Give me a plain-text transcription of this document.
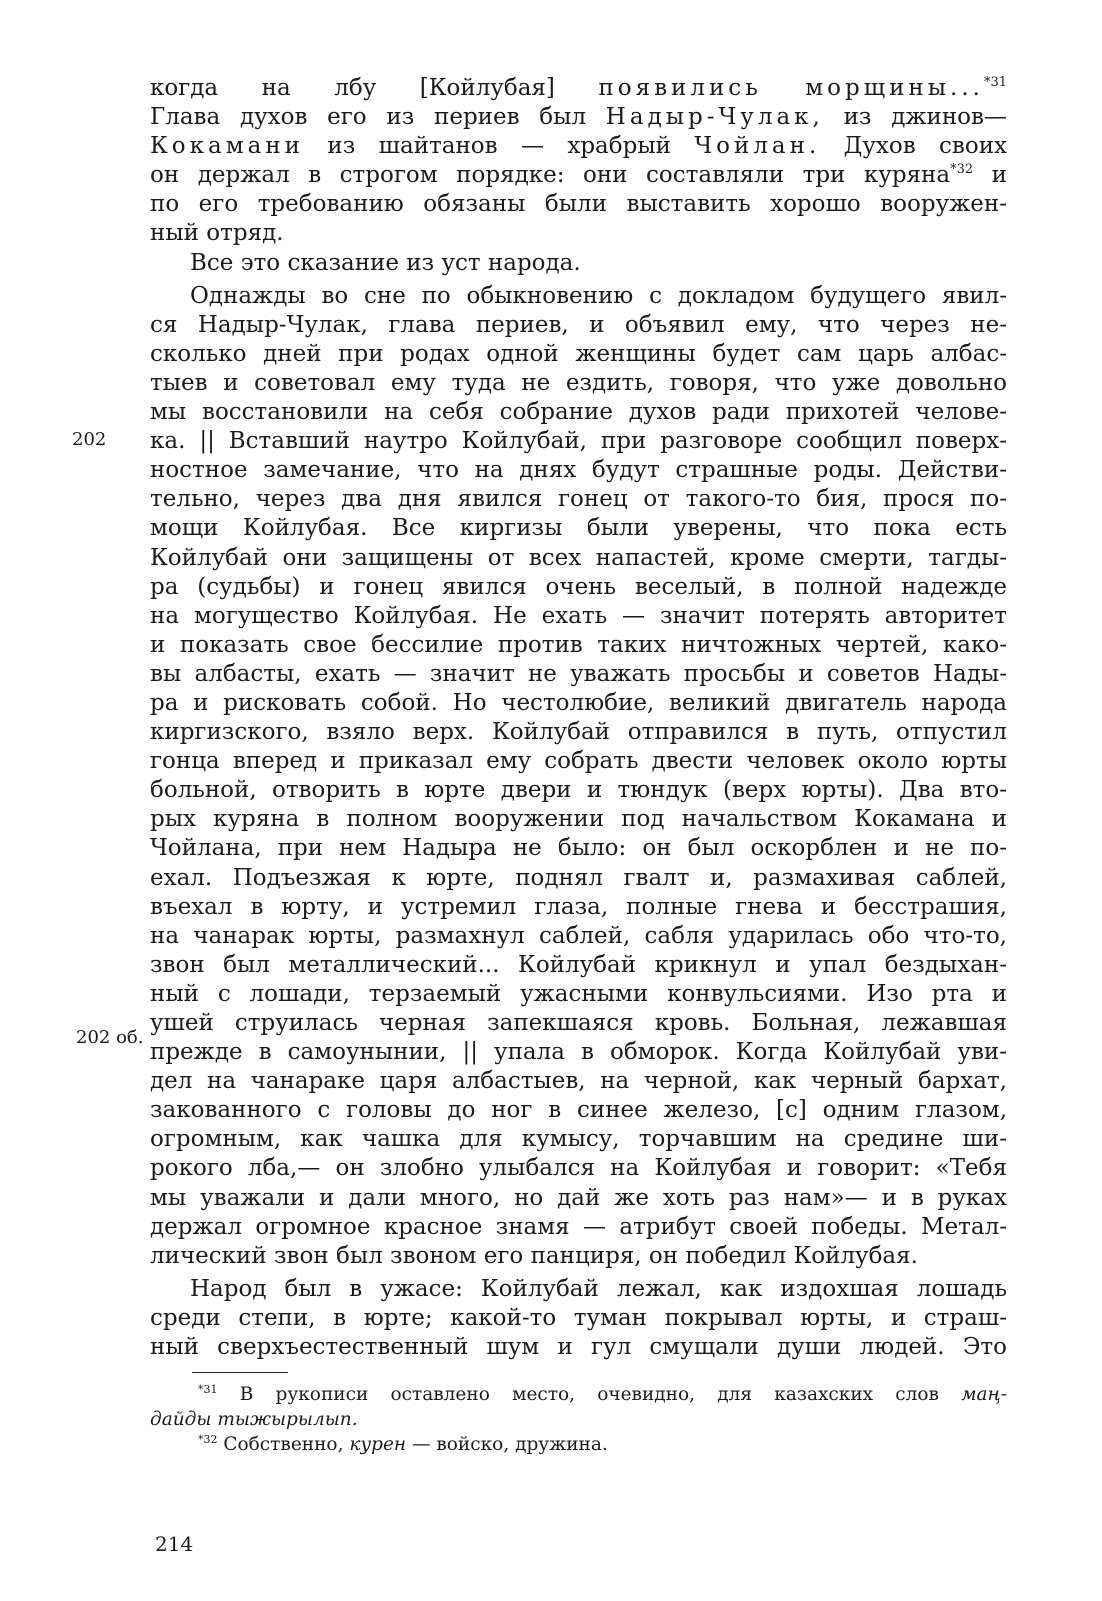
когда на лбу [Койлубая] появились морщины...$^{*31}$
Глава духов его из периев был Надыр-Чулак, из джинов—
Кокамани из шайтанов — храбрый Чойлан. Духов своих
он держал в строгом порядке: они составляли три куряна$^{*32}$ и
по его требованию обязаны были выставить хорошо вооружен-
ный отряд.
Все это сказание из уст народа.
Однажды во сне по обыкновению с докладом будущего явил-
ся Надыр-Чулак, глава периев, и объявил ему, что через не-
сколько дней при родах одной женщины будет сам царь албас-
тыев и советовал ему туда не ездить, говоря, что уже довольно
мы восстановили на себя собрание духов ради прихотей челове-
ка. || Вставший наутро Койлубай, при разговоре сообщил поверх-
ностное замечание, что на днях будут страшные роды. Действи-
тельно, через два дня явился гонец от такого-то бия, прося по-
мощи Койлубая. Все киргизы были уверены, что пока есть
Койлубай они защищены от всех напастей, кроме смерти, тагды-
ра (судьбы) и гонец явился очень веселый, в полной надежде
на могущество Койлубая. Не ехать — значит потерять авторитет
и показать свое бессилие против таких ничтожных чертей, како-
вы албасты, ехать — значит не уважать просьбы и советов Нады-
ра и рисковать собой. Но честолюбие, великий двигатель народа
киргизского, взяло верх. Койлубай отправился в путь, отпустил
гонца вперед и приказал ему собрать двести человек около юрты
больной, отворить в юрте двери и тюндук (верх юрты). Два вто-
рых куряна в полном вооружении под начальством Кокамана и
Чойлана, при нем Надыра не было: он был оскорблен и не по-
ехал. Подъезжая к юрте, поднял гвалт и, размахивая саблей,
въехал в юрту, и устремил глаза, полные гнева и бесстрашия,
на чанарак юрты, размахнул саблей, сабля ударилась обо что-то,
звон был металлический... Койлубай крикнул и упал бездыхан-
ный с лошади, терзаемый ужасными конвульсиями. Изо рта и
ушей струилась черная запекшаяся кровь. Больная, лежавшая
прежде в самоунынии, || упала в обморок. Когда Койлубай уви-
дел на чанараке царя албастыев, на черной, как черный бархат,
закованного с головы до ног в синее железо, [с] одним глазом,
огромным, как чашка для кумысу, торчавшим на средине ши-
рокого лба,— он злобно улыбался на Койлубая и говорит: «Тебя
мы уважали и дали много, но дай же хоть раз нам»— и в руках
держал огромное красное знамя — атрибут своей победы. Метал-
лический звон был звоном его панциря, он победил Койлубая.
Народ был в ужасе: Койлубай лежал, как издохшая лошадь
среди степи, в юрте; какой-то туман покрывал юрты, и страш-
ный сверхъестественный шум и гул смущали души людей. Это
202
202 об.
$^{*31}$ В рукописи оставлено место, очевидно, для казахских слов маң-
дайды тыжырылып.
$^{*32}$ Собственно, курен — войско, дружина.
214
